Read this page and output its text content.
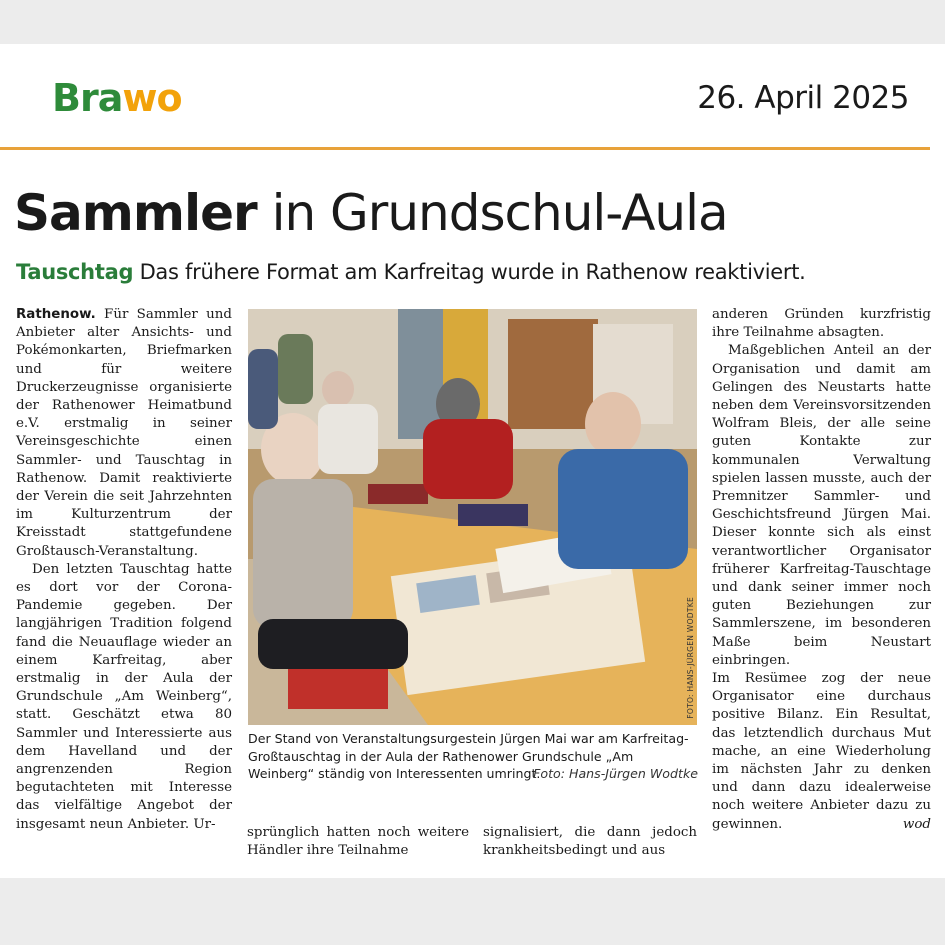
Brawo	26. April 2025
Sammler in Grundschul-Aula
Tauschtag Das frühere Format am Karfreitag wurde in Rathenow reaktiviert.

Rathenow. Für Sammler und Anbieter alter Ansichts- und Pokémonkarten, Briefmarken und für weitere Druckerzeugnisse organisierte der Rathenower Heimatbund e.V. erstmalig in seiner Vereinsgeschichte einen Sammler- und Tauschtag in Rathenow. Damit reaktivierte der Verein die seit Jahrzehnten im Kulturzentrum der Kreisstadt stattgefundene Großtausch-Veranstaltung.

Den letzten Tauschtag hatte es dort vor der Corona-Pandemie gegeben. Der langjährigen Tradition folgend fand die Neuauflage wieder an einem Karfreitag, aber erstmalig in der Aula der Grundschule „Am Weinberg“, statt. Geschätzt etwa 80 Sammler und Interessierte aus dem Havelland und der angrenzenden Region begutachteten mit Interesse das vielfältige Angebot der insgesamt neun Anbieter. Ur-

FOTO: HANS-JÜRGEN WODTKE
Der Stand von Veranstaltungsurgestein Jürgen Mai war am Karfreitag-Großtauschtag in der Aula der Rathenower Grundschule „Am Weinberg“ ständig von Interessenten umringt.
Foto: Hans-Jürgen Wodtke

sprünglich hatten noch weitere Händler ihre Teilnahme

signalisiert, die dann jedoch krankheitsbedingt und aus

anderen Gründen kurzfristig ihre Teilnahme absagten.

Maßgeblichen Anteil an der Organisation und damit am Gelingen des Neustarts hatte neben dem Vereinsvorsitzenden Wolfram Bleis, der alle seine guten Kontakte zur kommunalen Verwaltung spielen lassen musste, auch der Premnitzer Sammler- und Geschichtsfreund Jürgen Mai. Dieser konnte sich als einst verantwortlicher Organisator früherer Karfreitag-Tauschtage und dank seiner immer noch guten Beziehungen zur Sammlerszene, im besonderen Maße beim Neustart einbringen.

Im Resümee zog der neue Organisator eine durchaus positive Bilanz. Ein Resultat, das letztendlich durchaus Mut mache, an eine Wiederholung im nächsten Jahr zu denken und dann dazu idealerweise noch weitere Anbieter dazu zu gewinnen.	wod
